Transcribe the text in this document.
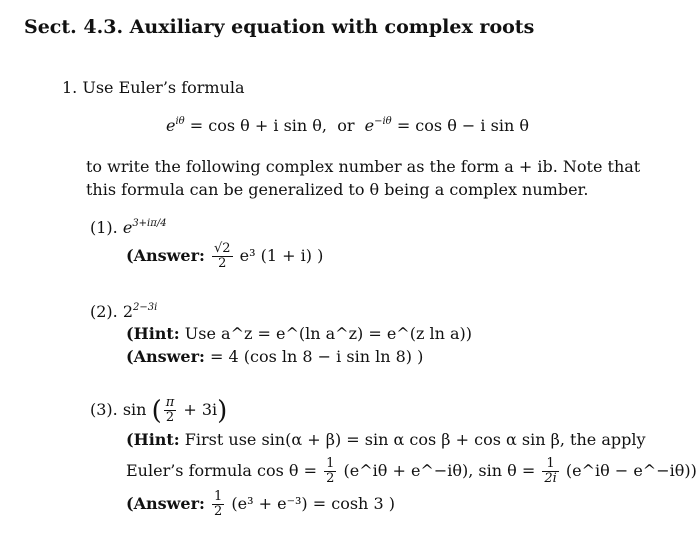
Sect. 4.3. Auxiliary equation with complex roots
1. Use Euler’s formula
$e^{i\theta} = \cos \theta + i$ sin θ, or $e^{-i\theta} = \cos \theta - i$ sin θ
to write the following complex number as the form a + ib. Note that
this formula can be generalized to θ being a complex number.
(1). $e^{3+i\pi/4}$
(Answer: $\frac{√2}{2} e^3$ (1 + i) )
(2). $2^{2-3i}$
(Hint: Use a^z = e^(ln a^z) = e^(z ln a))
(Answer: = 4 (cos ln 8 − i sin ln 8) )
(3). sin ( $\frac{\pi}{2} + 3i$)
(Hint: First use sin(α + β) = sin α cos β + cos α sin β, the apply
Euler’s formula $\cos \theta = \frac{1}{2}$ (e^iθ + e^−iθ), $\sin \theta = \frac{1}{2i}$ (e^iθ − e^−iθ))
(Answer: $\frac{1}{2} (e^3 + e^{-3}) = \cosh 3$ )
